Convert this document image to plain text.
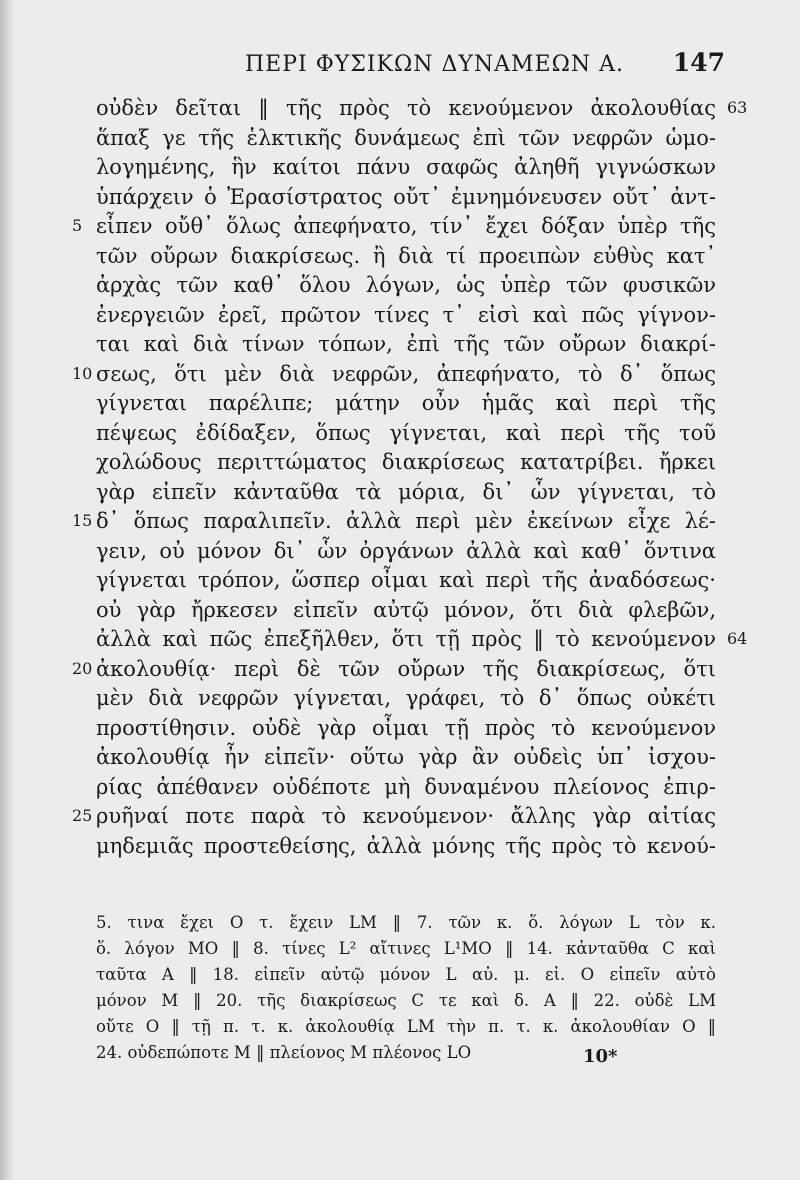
ΠΕΡΙ ΦΥΣΙΚΩΝ ΔΥΝΑΜΕΩΝ Α. 147
οὐδὲν δεῖται ‖ τῆς πρὸς τὸ κενούμενον ἀκολουθίας 63
ἅπαξ γε τῆς ἑλκτικῆς δυνάμεως ἐπὶ τῶν νεφρῶν ὡμο-
λογημένης, ἣν καίτοι πάνυ σαφῶς ἀληθῆ γιγνώσκων
ὑπάρχειν ὁ Ἐρασίστρατος οὔτ᾽ ἐμνημόνευσεν οὔτ᾽ ἀντ-
5 εἶπεν οὔθ᾽ ὅλως ἀπεφήνατο, τίν᾽ ἔχει δόξαν ὑπὲρ τῆς
τῶν οὔρων διακρίσεως. ἢ διὰ τί προειπὼν εὐθὺς κατ᾽
ἀρχὰς τῶν καθ᾽ ὅλου λόγων, ὡς ὑπὲρ τῶν φυσικῶν
ἐνεργειῶν ἐρεῖ, πρῶτον τίνες τ᾽ εἰσὶ καὶ πῶς γίγνον-
ται καὶ διὰ τίνων τόπων, ἐπὶ τῆς τῶν οὔρων διακρί-
10 σεως, ὅτι μὲν διὰ νεφρῶν, ἀπεφήνατο, τὸ δ᾽ ὅπως
γίγνεται παρέλιπε; μάτην οὖν ἡμᾶς καὶ περὶ τῆς
πέψεως ἐδίδαξεν, ὅπως γίγνεται, καὶ περὶ τῆς τοῦ
χολώδους περιττώματος διακρίσεως κατατρίβει. ἤρκει
γὰρ εἰπεῖν κἀνταῦθα τὰ μόρια, δι᾽ ὧν γίγνεται, τὸ
15 δ᾽ ὅπως παραλιπεῖν. ἀλλὰ περὶ μὲν ἐκείνων εἶχε λέ-
γειν, οὐ μόνον δι᾽ ὧν ὀργάνων ἀλλὰ καὶ καθ᾽ ὅντινα
γίγνεται τρόπον, ὥσπερ οἶμαι καὶ περὶ τῆς ἀναδόσεως·
οὐ γὰρ ἤρκεσεν εἰπεῖν αὐτῷ μόνον, ὅτι διὰ φλεβῶν,
ἀλλὰ καὶ πῶς ἐπεξῆλθεν, ὅτι τῇ πρὸς ‖ τὸ κενούμενον 64
20 ἀκολουθίᾳ· περὶ δὲ τῶν οὔρων τῆς διακρίσεως, ὅτι
μὲν διὰ νεφρῶν γίγνεται, γράφει, τὸ δ᾽ ὅπως οὐκέτι
προστίθησιν. οὐδὲ γὰρ οἶμαι τῇ πρὸς τὸ κενούμενον
ἀκολουθίᾳ ἦν εἰπεῖν· οὕτω γὰρ ἂν οὐδεὶς ὑπ᾽ ἰσχου-
ρίας ἀπέθανεν οὐδέποτε μὴ δυναμένου πλείονος ἐπιρ-
25 ρυῆναί ποτε παρὰ τὸ κενούμενον· ἄλλης γὰρ αἰτίας
μηδεμιᾶς προστεθείσης, ἀλλὰ μόνης τῆς πρὸς τὸ κενού-
5. τινα ἔχει O τ. ἔχειν LM ‖ 7. τῶν κ. ὅ. λόγων L τὸν κ.
ὅ. λόγον MO ‖ 8. τίνες L² αἴτινες L¹MO ‖ 14. κἀνταῦθα C καὶ
ταῦτα A ‖ 18. εἰπεῖν αὐτῷ μόνον L αὐ. μ. εἰ. O εἰπεῖν αὐτὸ
μόνον M ‖ 20. τῆς διακρίσεως C τε καὶ δ. A ‖ 22. οὐδὲ LM
οὔτε O ‖ τῇ π. τ. κ. ἀκολουθίᾳ LM τὴν π. τ. κ. ἀκολουθίαν O ‖
24. οὐδεπώποτε M ‖ πλείονος M πλέονος LO	10*
